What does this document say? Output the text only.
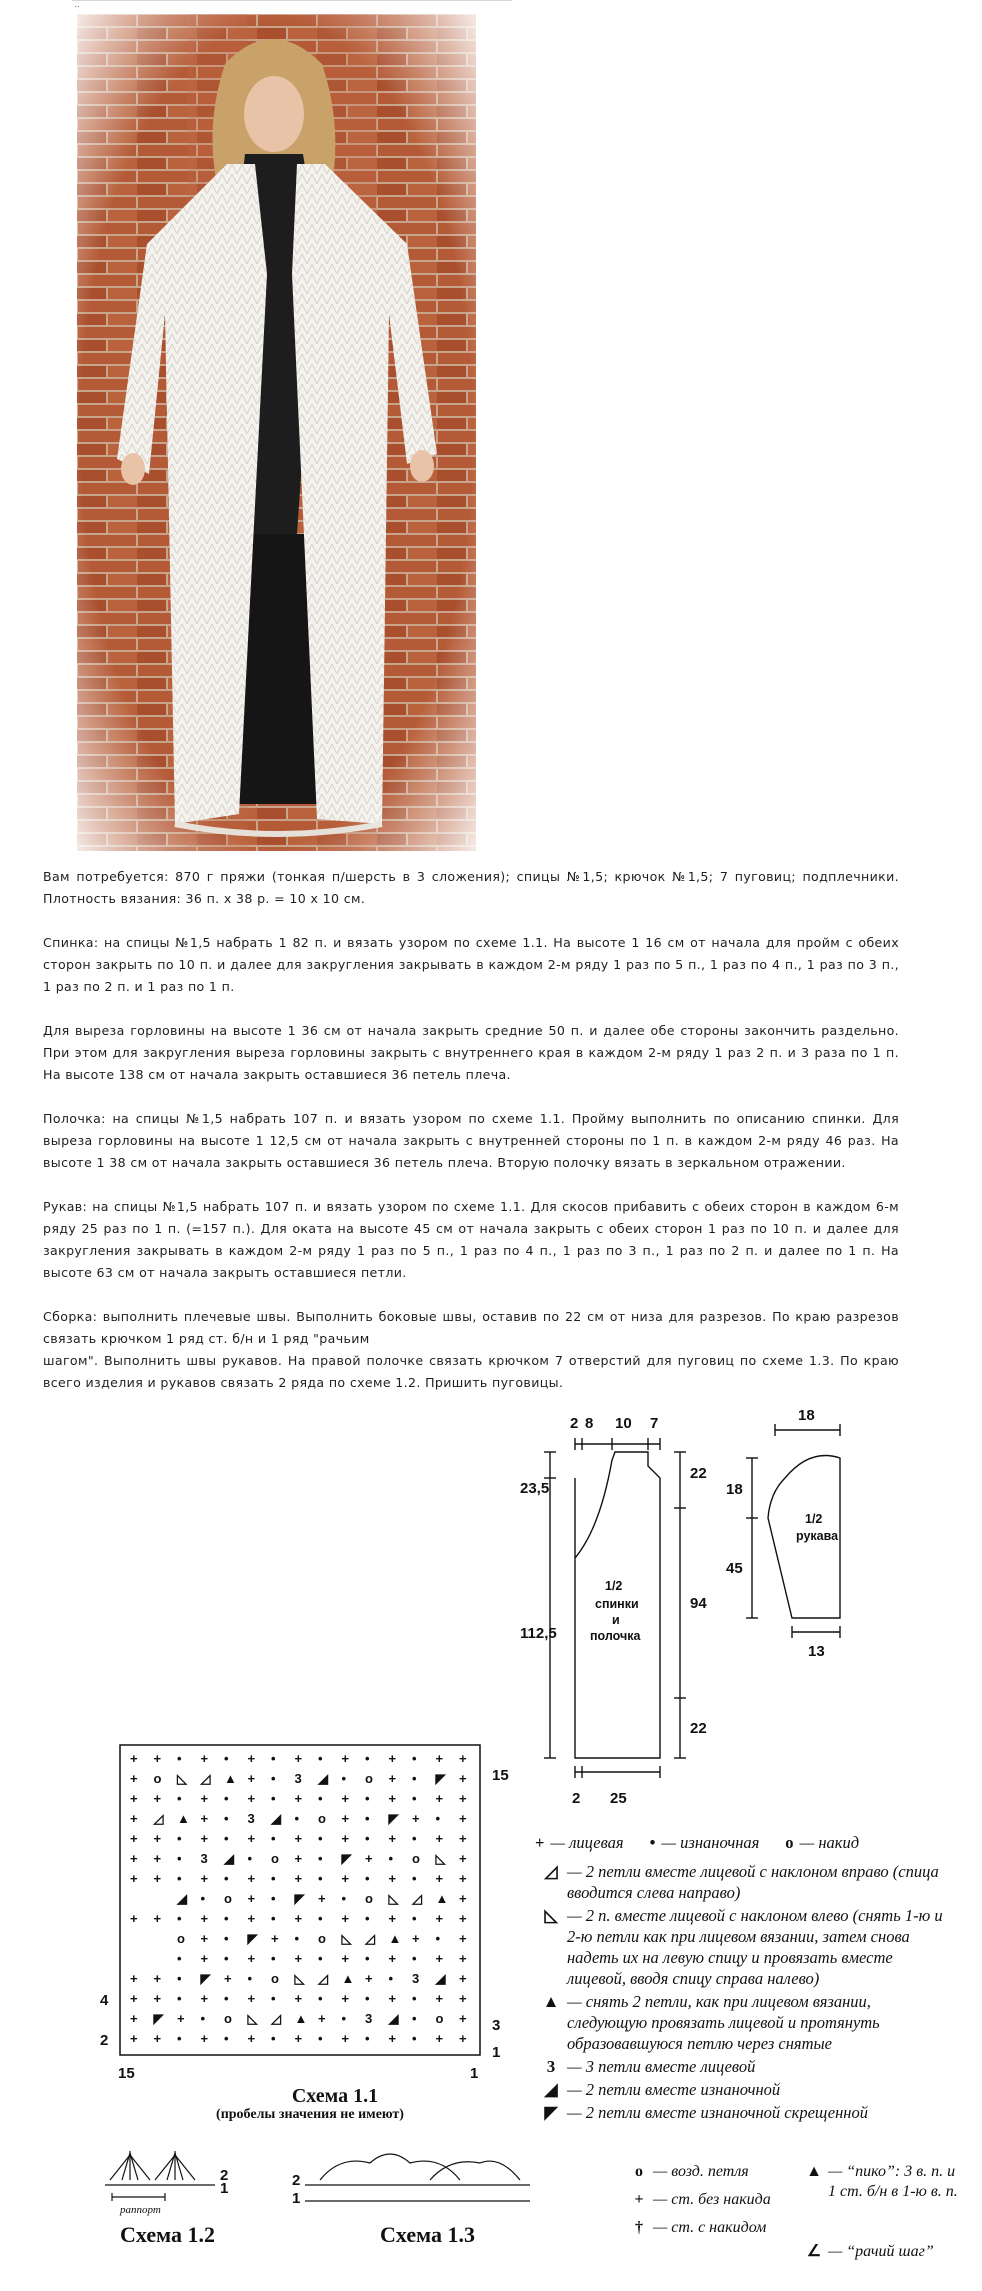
..

Вам потребуется: 870 г пряжи (тонкая п/шерсть в 3 сложения); спицы №1,5; крючок №1,5; 7 пуговиц; подплечники. Плотность вязания: 36 п. х 38 р. = 10 х 10 см.

Спинка: на спицы №1,5 набрать 1 82 п. и вязать узором по схеме 1.1. На высоте 1 16 см от начала для пройм с обеих сторон закрыть по 10 п. и далее для закругления закрывать в каждом 2-м ряду 1 раз по 5 п., 1 раз по 4 п., 1 раз по 3 п., 1 раз по 2 п. и 1 раз по 1 п.

Для выреза горловины на высоте 1 36 см от начала закрыть средние 50 п. и далее обе стороны закончить раздельно. При этом для закругления выреза горловины закрыть с внутреннего края в каждом 2-м ряду 1 раз 2 п. и 3 раза по 1 п. На высоте 138 см от начала закрыть оставшиеся 36 петель плеча.

Полочка: на спицы №1,5 набрать 107 п. и вязать узором по схеме 1.1. Пройму выполнить по описанию спинки. Для выреза горловины на высоте 1 12,5 см от начала закрыть с внутренней стороны по 1 п. в каждом 2-м ряду 46 раз. На высоте 1 38 см от начала закрыть оставшиеся 36 петель плеча. Вторую полочку вязать в зеркальном отражении.

Рукав: на спицы №1,5 набрать 107 п. и вязать узором по схеме 1.1. Для скосов прибавить с обеих сторон в каждом 6-м ряду 25 раз по 1 п. (=157 п.). Для оката на высоте 45 см от начала закрыть с обеих сторон 1 раз по 10 п. и далее для закругления закрывать в каждом 2-м ряду 1 раз по 5 п., 1 раз по 4 п., 1 раз по 3 п., 1 раз по 2 п. и далее по 1 п. На высоте 63 см от начала закрыть оставшиеся петли.

Сборка: выполнить плечевые швы. Выполнить боковые швы, оставив по 22 см от низа для разрезов. По краю разрезов связать крючком 1 ряд ст. б/н и 1 ряд "рачьим
шагом". Выполнить швы рукавов. На правой полочке связать крючком 7 отверстий для пуговиц по схеме 1.3. По краю всего изделия и рукавов связать 2 ряда по схеме 1.2. Пришить пуговицы.

2 8 10 7
23,5
112,5
22
94
22
2 25
1/2
спинки
и
полочка
18
18
45
13
1/2
рукава
+ + • + • + • + • + • + • + +
+ o ◺ ◿ ▲ + • 3 ◢ • o + • ◤ +
+ + • + • + • + • + • + • + +
+ ◿ ▲ + • 3 ◢ • o + • ◤ + • +
+ + • + • + • + • + • + • + +
+ + • 3 ◢ • o + • ◤ + • o ◺ +
+ + • + • + • + • + • + • + +
◢ • o + • ◤ + • o ◺ ◿ ▲ +
+ + • + • + • + • + • + • + +
o + • ◤ + • o ◺ ◿ ▲ + • +
• + • + • + • + • + • + +
+ + • ◤ + • o ◺ ◿ ▲ + • 3 ◢ +
+ + • + • + • + • + • + • + +
+ ◤ + • o ◺ ◿ ▲ + • 3 ◢ • o +
+ + • + • + • + • + • + • + +
15
3
1
4
2
15	1
Схема 1.1
(пробелы значения не имеют)
+ — лицевая • — изнаночная o — накид
◿ — 2 петли вместе лицевой с наклоном вправо (спица вводится слева направо)
◺ — 2 п. вместе лицевой с наклоном влево (снять 1-ю и 2-ю петли как при лицевом вязании, затем снова надеть их на левую спицу и провязать вместе лицевой, вводя спицу справа налево)
▲ — снять 2 петли, как при лицевом вязании, следующую провязать лицевой и протянуть образовавшуюся петлю через снятые
3 — 3 петли вместе лицевой
◢ — 2 петли вместе изнаночной
◤ — 2 петли вместе изнаночной скрещенной
2
1
раппорт
2
1
Схема 1.2	Схема 1.3
o — возд. петля
+ — ст. без накида
† — ст. с накидом
▲ — “пико”: 3 в. п. и 1 ст. б/н в 1-ю в. п.
∠ — “рачий шаг”
